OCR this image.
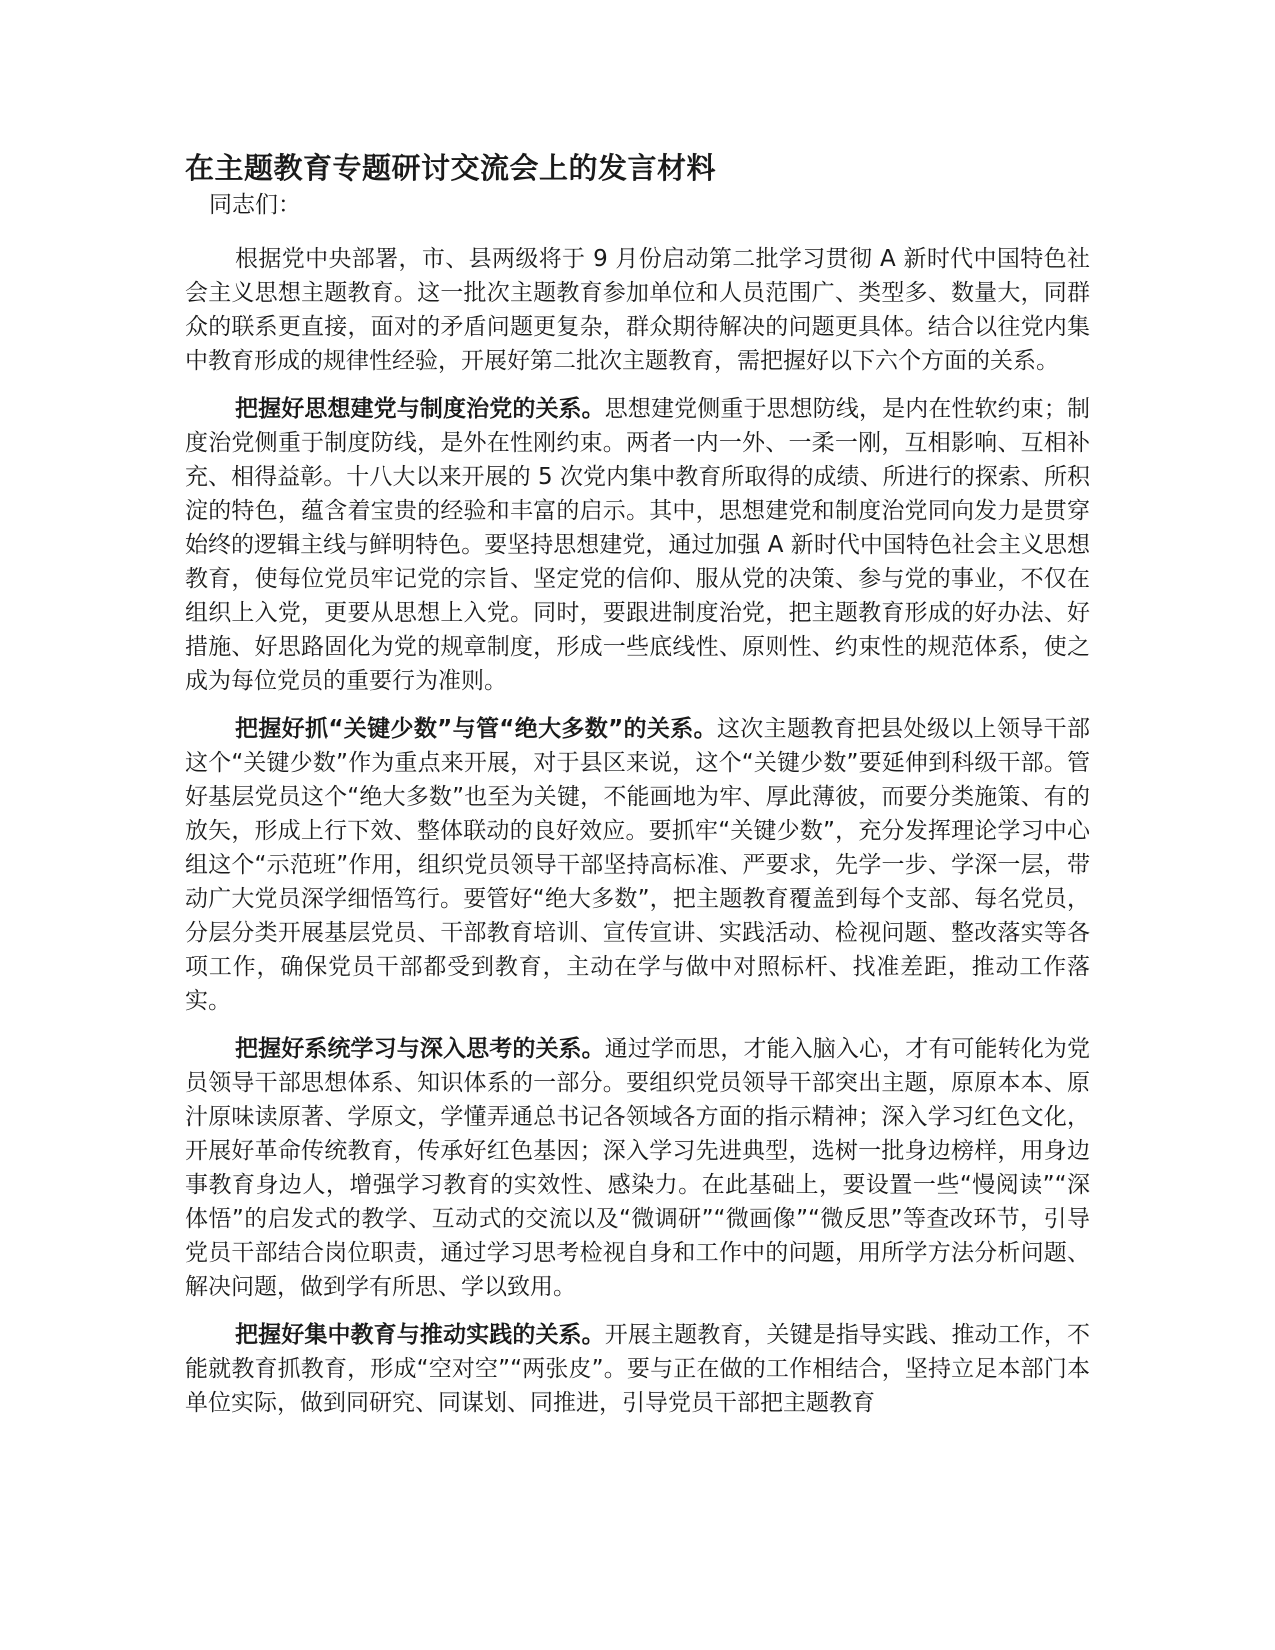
在主题教育专题研讨交流会上的发言材料

同志们：

根据党中央部署，市、县两级将于 9 月份启动第二批学习贯彻 A 新时代中国特色社会主义思想主题教育。这一批次主题教育参加单位和人员范围广、类型多、数量大，同群众的联系更直接，面对的矛盾问题更复杂，群众期待解决的问题更具体。结合以往党内集中教育形成的规律性经验，开展好第二批次主题教育，需把握好以下六个方面的关系。

把握好思想建党与制度治党的关系。思想建党侧重于思想防线，是内在性软约束；制度治党侧重于制度防线，是外在性刚约束。两者一内一外、一柔一刚，互相影响、互相补充、相得益彰。十八大以来开展的 5 次党内集中教育所取得的成绩、所进行的探索、所积淀的特色，蕴含着宝贵的经验和丰富的启示。其中，思想建党和制度治党同向发力是贯穿始终的逻辑主线与鲜明特色。要坚持思想建党，通过加强 A 新时代中国特色社会主义思想教育，使每位党员牢记党的宗旨、坚定党的信仰、服从党的决策、参与党的事业，不仅在组织上入党，更要从思想上入党。同时，要跟进制度治党，把主题教育形成的好办法、好措施、好思路固化为党的规章制度，形成一些底线性、原则性、约束性的规范体系，使之成为每位党员的重要行为准则。

把握好抓“关键少数”与管“绝大多数”的关系。这次主题教育把县处级以上领导干部这个“关键少数”作为重点来开展，对于县区来说，这个“关键少数”要延伸到科级干部。管好基层党员这个“绝大多数”也至为关键，不能画地为牢、厚此薄彼，而要分类施策、有的放矢，形成上行下效、整体联动的良好效应。要抓牢“关键少数”，充分发挥理论学习中心组这个“示范班”作用，组织党员领导干部坚持高标准、严要求，先学一步、学深一层，带动广大党员深学细悟笃行。要管好“绝大多数”，把主题教育覆盖到每个支部、每名党员，分层分类开展基层党员、干部教育培训、宣传宣讲、实践活动、检视问题、整改落实等各项工作，确保党员干部都受到教育，主动在学与做中对照标杆、找准差距，推动工作落实。

把握好系统学习与深入思考的关系。通过学而思，才能入脑入心，才有可能转化为党员领导干部思想体系、知识体系的一部分。要组织党员领导干部突出主题，原原本本、原汁原味读原著、学原文，学懂弄通总书记各领域各方面的指示精神；深入学习红色文化，开展好革命传统教育，传承好红色基因；深入学习先进典型，选树一批身边榜样，用身边事教育身边人，增强学习教育的实效性、感染力。在此基础上，要设置一些“慢阅读”“深体悟”的启发式的教学、互动式的交流以及“微调研”“微画像”“微反思”等查改环节，引导党员干部结合岗位职责，通过学习思考检视自身和工作中的问题，用所学方法分析问题、解决问题，做到学有所思、学以致用。

把握好集中教育与推动实践的关系。开展主题教育，关键是指导实践、推动工作，不能就教育抓教育，形成“空对空”“两张皮”。要与正在做的工作相结合，坚持立足本部门本单位实际，做到同研究、同谋划、同推进，引导党员干部把主题教育
